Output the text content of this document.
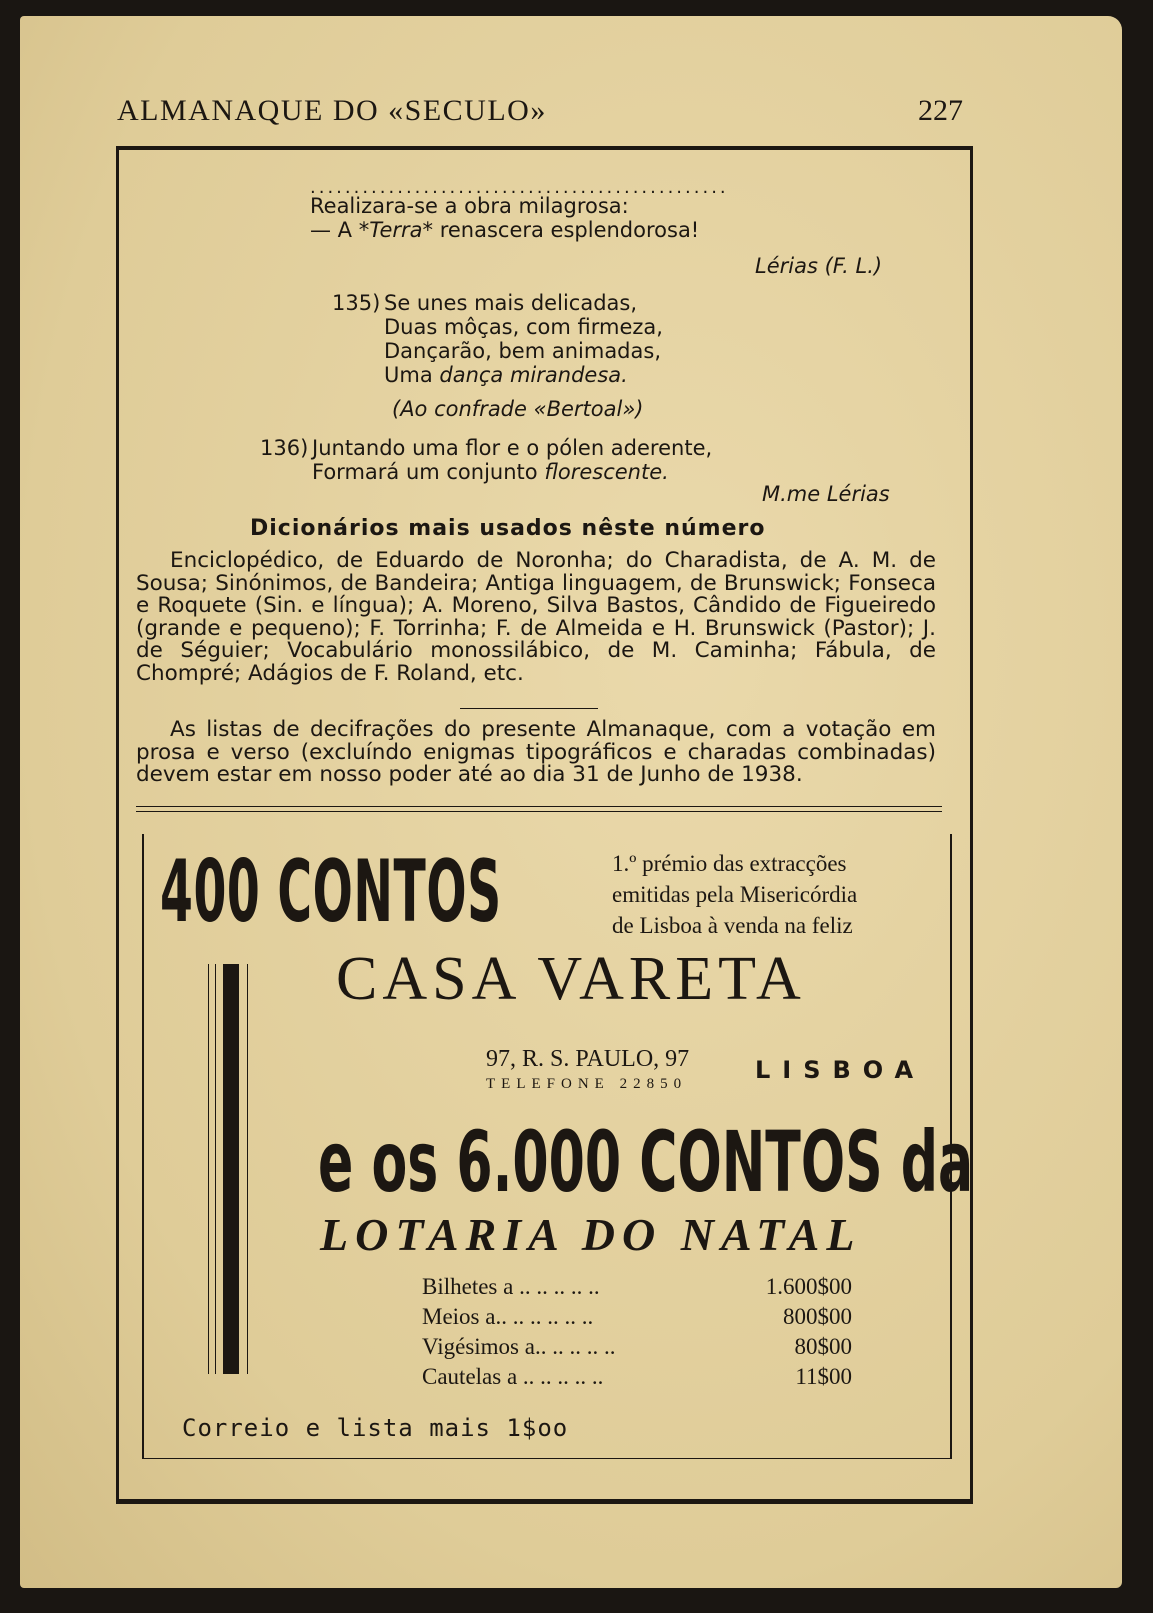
ALMANAQUE DO «SECULO»	227
................................................
Realizara-se a obra milagrosa:
— A *Terra* renascera esplendorosa!
Lérias (F. L.)
135) Se unes mais delicadas,
Duas môças, com firmeza,
Dançarão, bem animadas,
Uma dança mirandesa.
(Ao confrade «Bertoal»)
136) Juntando uma flor e o pólen aderente,
Formará um conjunto florescente.
M.me Lérias
Dicionários mais usados nêste número

Enciclopédico, de Eduardo de Noronha; do Charadista, de A. M. de Sousa; Sinónimos, de Bandeira; Antiga linguagem, de Brunswick; Fonseca e Roquete (Sin. e língua); A. Moreno, Silva Bastos, Cândido de Figueiredo (grande e pequeno); F. Torrinha; F. de Almeida e H. Brunswick (Pastor); J. de Séguier; Vocabulário monossilábico, de M. Caminha; Fábula, de Chompré; Adágios de F. Roland, etc.

As listas de decifrações do presente Almanaque, com a votação em prosa e verso (excluíndo enigmas tipográficos e charadas combinadas) devem estar em nosso poder até ao dia 31 de Junho de 1938.

400 CONTOS	1.º prémio das extracções
emitidas pela Misericórdia
de Lisboa à venda na feliz
CASA VARETA
97, R. S. PAULO, 97
TELEFONE 22850	LISBOA
e os 6.000 CONTOS da
LOTARIA DO NATAL
Bilhetes a .. .. .. .. ..	1.600$00
Meios a.. .. .. .. .. ..	800$00
Vigésimos a.. .. .. .. ..	80$00
Cautelas a .. .. .. .. ..	11$00
Correio e lista mais 1$oo
